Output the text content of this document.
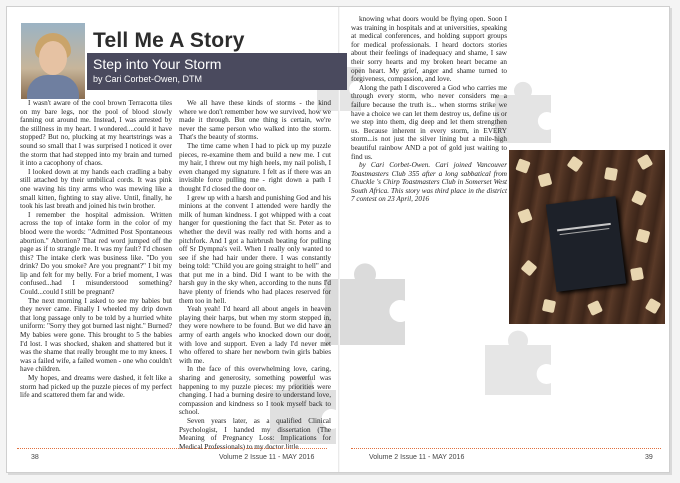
Tell Me A Story
Step into Your Storm
by Cari Corbet-Owen, DTM

I wasn't aware of the cool brown Terracotta tiles on my bare legs, nor the pool of blood slowly fanning out around me. Instead, I was arrested by the stillness in my heart. I wondered....could it have stopped? But no, plucking at my heartstrings was a sound so small that I was surprised I noticed it over the storm that had stepped into my brain and turned it into a cacophony of chaos.

I looked down at my hands each cradling a baby still attached by their umbilical cords. It was pink one waving his tiny arms who was mewing like a small kitten, fighting to stay alive. Until, finally, he took his last breath and joined his twin brother.

I remember the hospital admission. Written across the top of intake form in the color of my blood were the words: "Admitted Post Spontaneous abortion." Abortion? That red word jumped off the page as if to strangle me. It was my fault? I'd chosen this? The intake clerk was business like. "Do you drink? Do you smoke? Are you pregnant?" I bit my lip and felt for my belly. For a brief moment, I was confused...had I misunderstood something? Could...could I still be pregnant?

The next morning I asked to see my babies but they never came. Finally I wheeled my drip down that long passage only to be told by a hurried white uniform: "Sorry they got burned last night." Burned? My babies were gone. This brought to 5 the babies I'd lost. I was shocked, shaken and shattered but it was the shame that really brought me to my knees. I was a failed wife, a failed women - one who couldn't have children.

My hopes, and dreams were dashed, it felt like a storm had picked up the puzzle pieces of my perfect life and scattered them far and wide.

We all have these kinds of storms - the kind where we don't remember how we survived, how we made it through. But one thing is certain, we're never the same person who walked into the storm. That's the beauty of storms.

The time came when I had to pick up my puzzle pieces, re-examine them and build a new me. I cut my hair, I threw out my high heels, my nail polish, I even changed my signature. I felt as if there was an invisible force pulling me - right down a path I thought I'd closed the door on.

I grew up with a harsh and punishing God and his minions at the convent I attended were hardly the milk of human kindness. I got whipped with a coat hanger for questioning the fact that Sr. Peter as to whether the devil was really red with horns and a pitchfork. And I got a hairbrush beating for pulling off Sr Dympna's veil. When I really only wanted to see if she had hair under there. I was constantly being told: "Child you are going straight to hell" and that put me in a bind. Did I want to be with the harsh guy in the sky when, according to the nuns I'd have plenty of friends who had places reserved for them too in hell.

Yeah yeah! I'd heard all about angels in heaven playing their harps, but when my storm stepped in, they were nowhere to be found. But we did have an army of earth angels who knocked down our door, with love and support. Even a lady I'd never met who offered to share her newborn twin girls babies with me.

In the face of this overwhelming love, caring, sharing and generosity, something powerful was happening to my puzzle pieces: my priorities were changing. I had a burning desire to understand love, compassion and kindness so I took myself back to school.

Seven years later, as a qualified Clinical Psychologist, I handed my dissertation (The Meaning of Pregnancy Loss: Implications for Medical Professionals) to my doctor little

knowing what doors would be flying open. Soon I was training in hospitals and at universities, speaking at medical conferences, and holding support groups for medical professionals. I heard doctors stories about their feelings of inadequacy and shame, I saw their sorry hearts and my broken heart became an open heart. My grief, anger and shame turned to forgiveness, compassion, and love.

Along the path I discovered a God who carries me through every storm, who never considers me a failure because the truth is... when storms strike we have a choice we can let them destroy us, define us or we step into them, dig deep and let them strengthen us. Because inherent in every storm, in EVERY storm...is not just the silver lining but a mile-high beautiful rainbow AND a pot of gold just waiting to find us.

by Cari Corbet-Owen. Cari joined Vancouver Toastmasters Club 355 after a long sabbatical from Chuckle 's Chirp Toastmasters Club in Somerset West South Africa. This story was third place in the district 7 contest on 23 April, 2016

38	Volume 2 Issue 11 - MAY 2016	Volume 2 Issue 11 - MAY 2016	39
